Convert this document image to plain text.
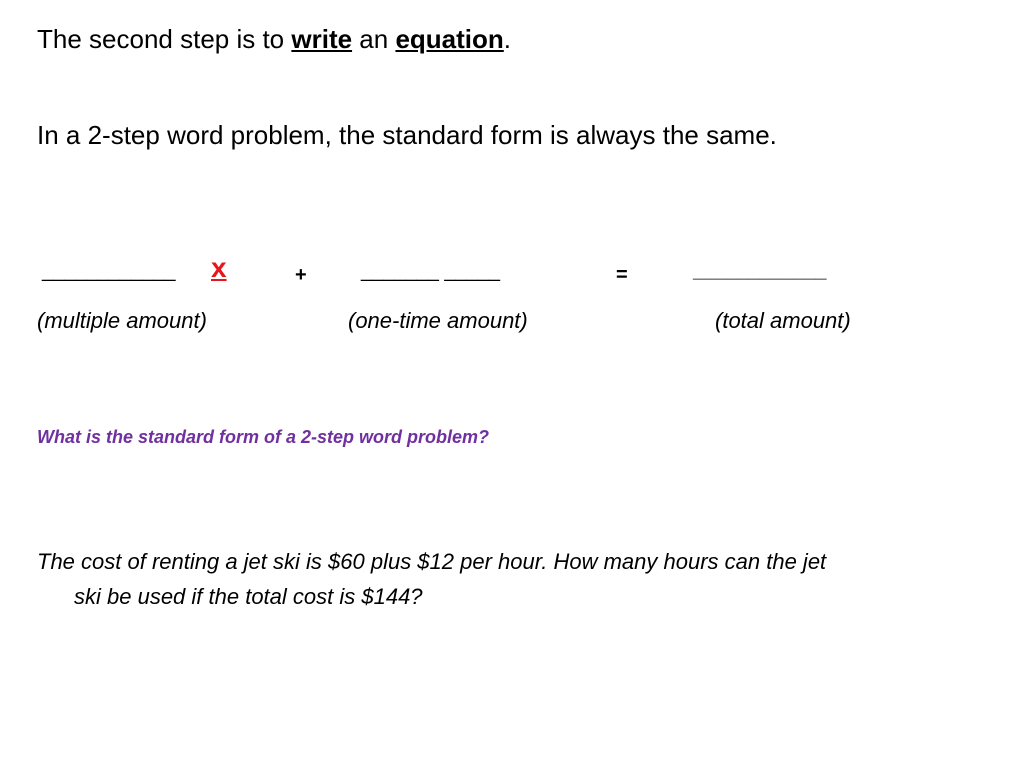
The second step is to write an equation.
In a 2-step word problem, the standard form is always the same.
____________ x	+	_______ _____	=	____________
(multiple amount)	(one-time amount)	(total amount)
What is the standard form of a 2-step word problem?
The cost of renting a jet ski is $60 plus $12 per hour. How many hours can the jet
ski be used if the total cost is $144?
